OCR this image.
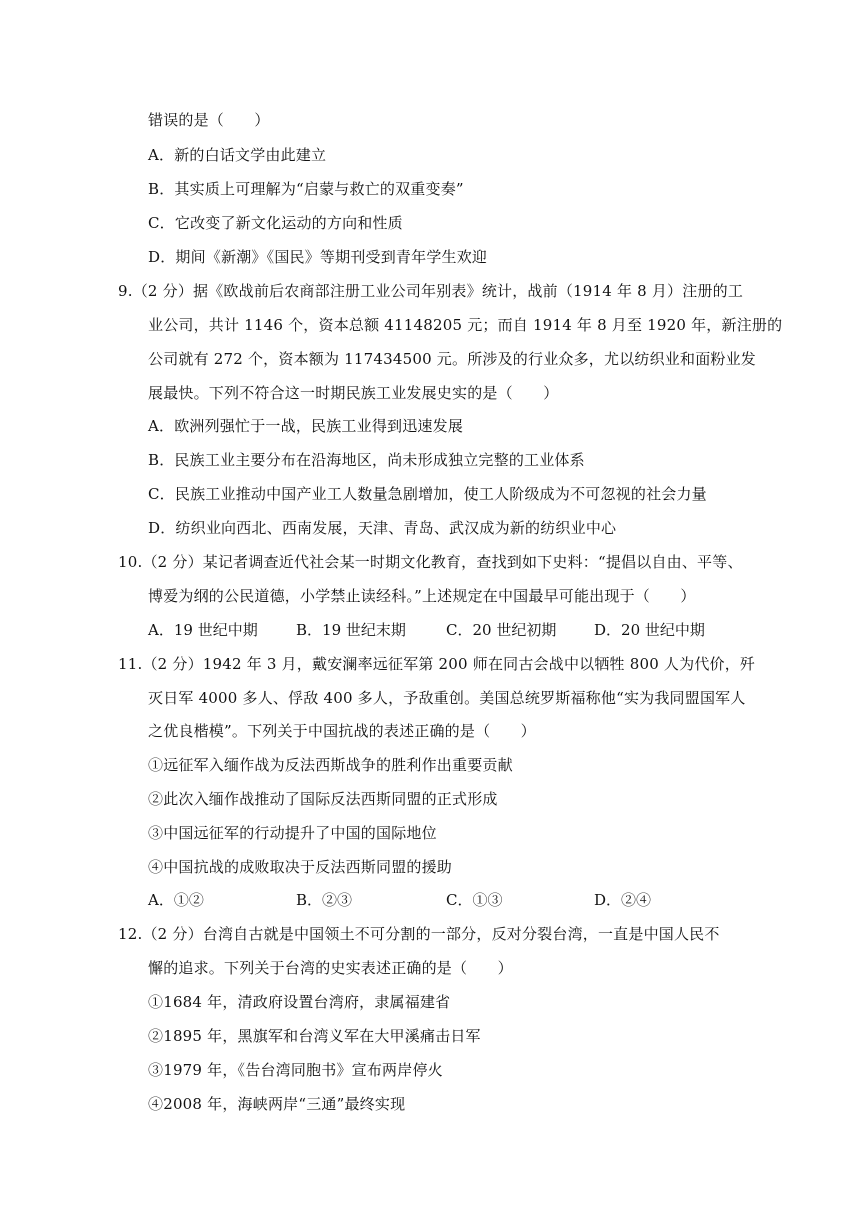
错误的是（　　）
A．新的白话文学由此建立
B．其实质上可理解为“启蒙与救亡的双重变奏”
C．它改变了新文化运动的方向和性质
D．期间《新潮》《国民》等期刊受到青年学生欢迎
9.（2 分）据《欧战前后农商部注册工业公司年别表》统计，战前（1914 年 8 月）注册的工
业公司，共计 1146 个，资本总额 41148205 元；而自 1914 年 8 月至 1920 年，新注册的
公司就有 272 个，资本额为 117434500 元。所涉及的行业众多，尤以纺织业和面粉业发
展最快。下列不符合这一时期民族工业发展史实的是（　　）
A．欧洲列强忙于一战，民族工业得到迅速发展
B．民族工业主要分布在沿海地区，尚未形成独立完整的工业体系
C．民族工业推动中国产业工人数量急剧增加，使工人阶级成为不可忽视的社会力量
D．纺织业向西北、西南发展，天津、青岛、武汉成为新的纺织业中心
10.（2 分）某记者调查近代社会某一时期文化教育，查找到如下史料：“提倡以自由、平等、
博爱为纲的公民道德，小学禁止读经科。”上述规定在中国最早可能出现于（　　）
A．19 世纪中期	B．19 世纪末期	C．20 世纪初期	D．20 世纪中期
11.（2 分）1942 年 3 月，戴安澜率远征军第 200 师在同古会战中以牺牲 800 人为代价，歼
灭日军 4000 多人、俘敌 400 多人，予敌重创。美国总统罗斯福称他“实为我同盟国军人
之优良楷模”。下列关于中国抗战的表述正确的是（　　）
①远征军入缅作战为反法西斯战争的胜利作出重要贡献
②此次入缅作战推动了国际反法西斯同盟的正式形成
③中国远征军的行动提升了中国的国际地位
④中国抗战的成败取决于反法西斯同盟的援助
A．①②	B．②③	C．①③	D．②④
12.（2 分）台湾自古就是中国领土不可分割的一部分，反对分裂台湾，一直是中国人民不
懈的追求。下列关于台湾的史实表述正确的是（　　）
①1684 年，清政府设置台湾府，隶属福建省
②1895 年，黑旗军和台湾义军在大甲溪痛击日军
③1979 年，《告台湾同胞书》宣布两岸停火
④2008 年，海峡两岸“三通”最终实现
